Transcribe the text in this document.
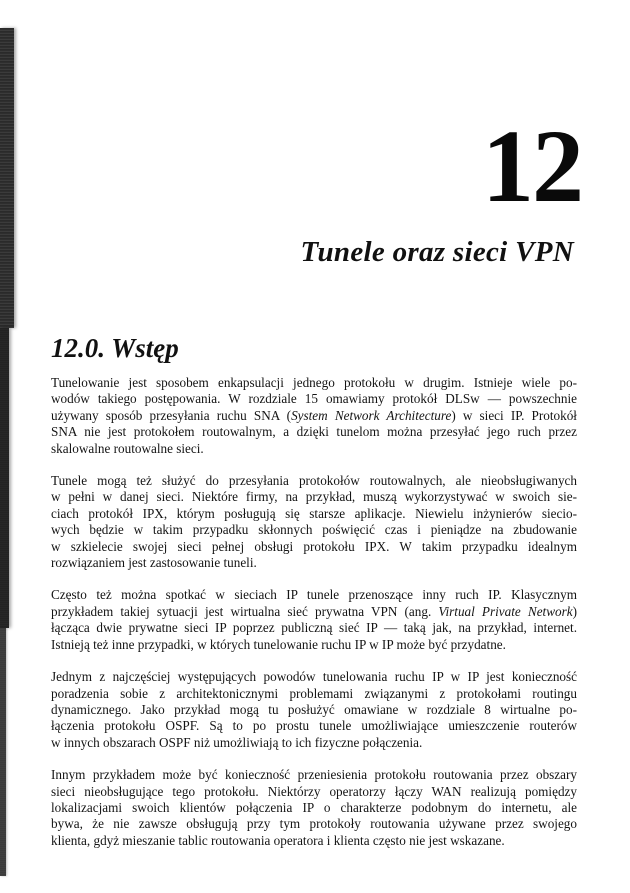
12
Tunele oraz sieci VPN
12.0. Wstęp

Tunelowanie jest sposobem enkapsulacji jednego protokołu w drugim. Istnieje wiele po-
wodów takiego postępowania. W rozdziale 15 omawiamy protokół DLSw — powszechnie
używany sposób przesyłania ruchu SNA (System Network Architecture) w sieci IP. Protokół
SNA nie jest protokołem routowalnym, a dzięki tunelom można przesyłać jego ruch przez
skalowalne routowalne sieci.

Tunele mogą też służyć do przesyłania protokołów routowalnych, ale nieobsługiwanych
w pełni w danej sieci. Niektóre firmy, na przykład, muszą wykorzystywać w swoich sie-
ciach protokół IPX, którym posługują się starsze aplikacje. Niewielu inżynierów siecio-
wych będzie w takim przypadku skłonnych poświęcić czas i pieniądze na zbudowanie
w szkielecie swojej sieci pełnej obsługi protokołu IPX. W takim przypadku idealnym
rozwiązaniem jest zastosowanie tuneli.

Często też można spotkać w sieciach IP tunele przenoszące inny ruch IP. Klasycznym
przykładem takiej sytuacji jest wirtualna sieć prywatna VPN (ang. Virtual Private Network)
łącząca dwie prywatne sieci IP poprzez publiczną sieć IP — taką jak, na przykład, internet.
Istnieją też inne przypadki, w których tunelowanie ruchu IP w IP może być przydatne.

Jednym z najczęściej występujących powodów tunelowania ruchu IP w IP jest konieczność
poradzenia sobie z architektonicznymi problemami związanymi z protokołami routingu
dynamicznego. Jako przykład mogą tu posłużyć omawiane w rozdziale 8 wirtualne po-
łączenia protokołu OSPF. Są to po prostu tunele umożliwiające umieszczenie routerów
w innych obszarach OSPF niż umożliwiają to ich fizyczne połączenia.

Innym przykładem może być konieczność przeniesienia protokołu routowania przez obszary
sieci nieobsługujące tego protokołu. Niektórzy operatorzy łączy WAN realizują pomiędzy
lokalizacjami swoich klientów połączenia IP o charakterze podobnym do internetu, ale
bywa, że nie zawsze obsługują przy tym protokoły routowania używane przez swojego
klienta, gdyż mieszanie tablic routowania operatora i klienta często nie jest wskazane.
